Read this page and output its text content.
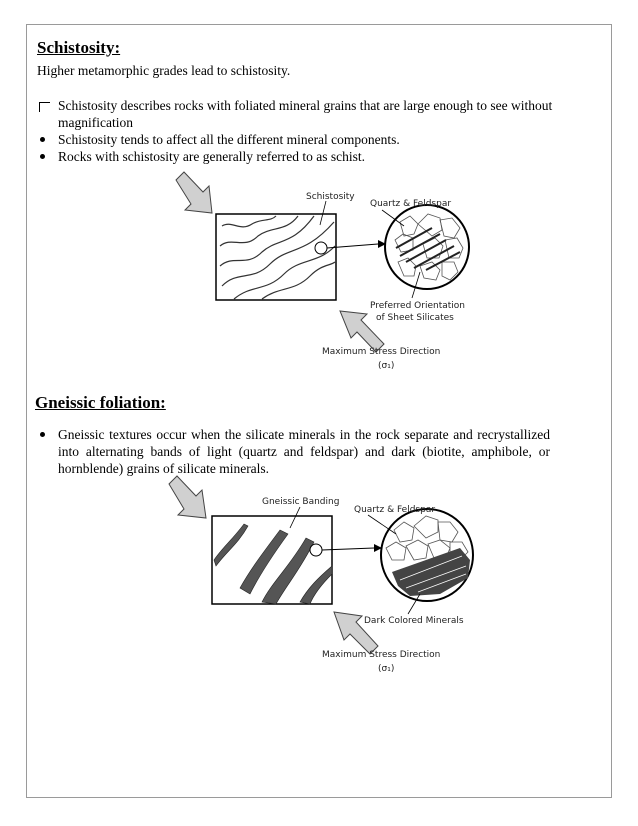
Schistosity:

Higher metamorphic grades lead to schistosity.

Schistosity describes rocks with foliated mineral grains that are large enough to see without magnification
Schistosity tends to affect all the different mineral components.
Rocks with schistosity are generally referred to as schist.
Schistosity
Quartz & Feldspar
Preferred Orientation
of Sheet Silicates
Maximum Stress Direction
(σ₁)
Gneissic foliation:
Gneissic textures occur when the silicate minerals in the rock separate and recrystallized into alternating bands of light (quartz and feldspar) and dark (biotite, amphibole, or hornblende) grains of silicate minerals.
Gneissic Banding
Quartz & Feldspar
Dark Colored Minerals
Maximum Stress Direction
(σ₁)
